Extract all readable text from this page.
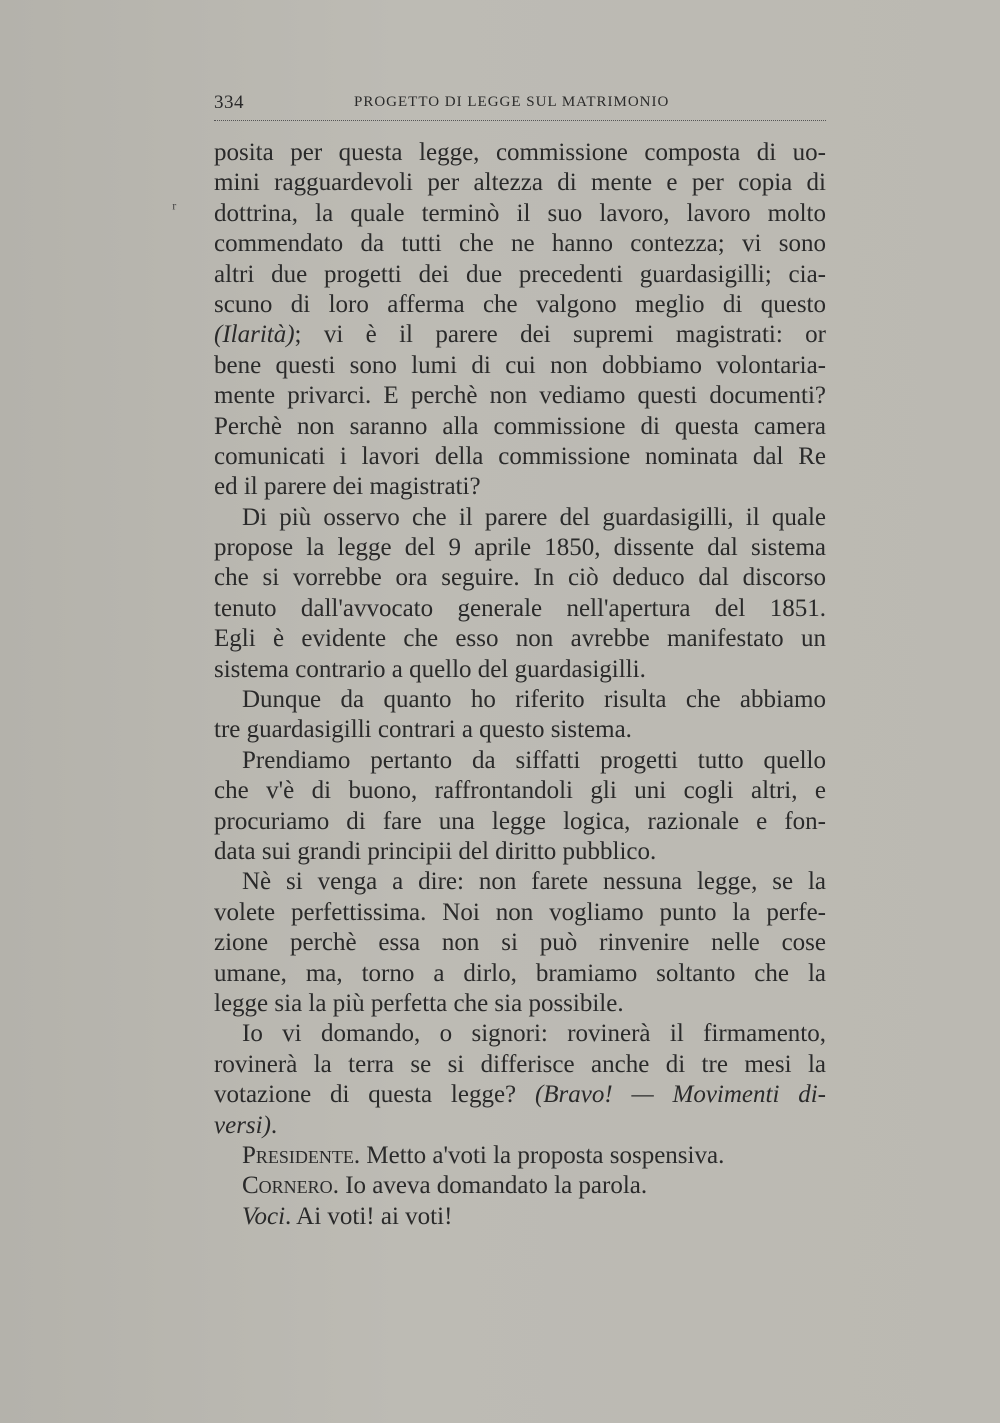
334	PROGETTO DI LEGGE SUL MATRIMONIO
posita per questa legge, commissione composta di uo-
mini ragguardevoli per altezza di mente e per copia di
dottrina, la quale terminò il suo lavoro, lavoro molto
commendato da tutti che ne hanno contezza; vi sono
altri due progetti dei due precedenti guardasigilli; cia-
scuno di loro afferma che valgono meglio di questo
(Ilarità); vi è il parere dei supremi magistrati: or
bene questi sono lumi di cui non dobbiamo volontaria-
mente privarci. E perchè non vediamo questi documenti?
Perchè non saranno alla commissione di questa camera
comunicati i lavori della commissione nominata dal Re
ed il parere dei magistrati?
Di più osservo che il parere del guardasigilli, il quale
propose la legge del 9 aprile 1850, dissente dal sistema
che si vorrebbe ora seguire. In ciò deduco dal discorso
tenuto dall'avvocato generale nell'apertura del 1851.
Egli è evidente che esso non avrebbe manifestato un
sistema contrario a quello del guardasigilli.
Dunque da quanto ho riferito risulta che abbiamo
tre guardasigilli contrari a questo sistema.
Prendiamo pertanto da siffatti progetti tutto quello
che v'è di buono, raffrontandoli gli uni cogli altri, e
procuriamo di fare una legge logica, razionale e fon-
data sui grandi principii del diritto pubblico.
Nè si venga a dire: non farete nessuna legge, se la
volete perfettissima. Noi non vogliamo punto la perfe-
zione perchè essa non si può rinvenire nelle cose
umane, ma, torno a dirlo, bramiamo soltanto che la
legge sia la più perfetta che sia possibile.
Io vi domando, o signori: rovinerà il firmamento,
rovinerà la terra se si differisce anche di tre mesi la
votazione di questa legge? (Bravo! — Movimenti di-
versi).
Presidente. Metto a'voti la proposta sospensiva.
Cornero. Io aveva domandato la parola.
Voci. Ai voti! ai voti!
ʳ
